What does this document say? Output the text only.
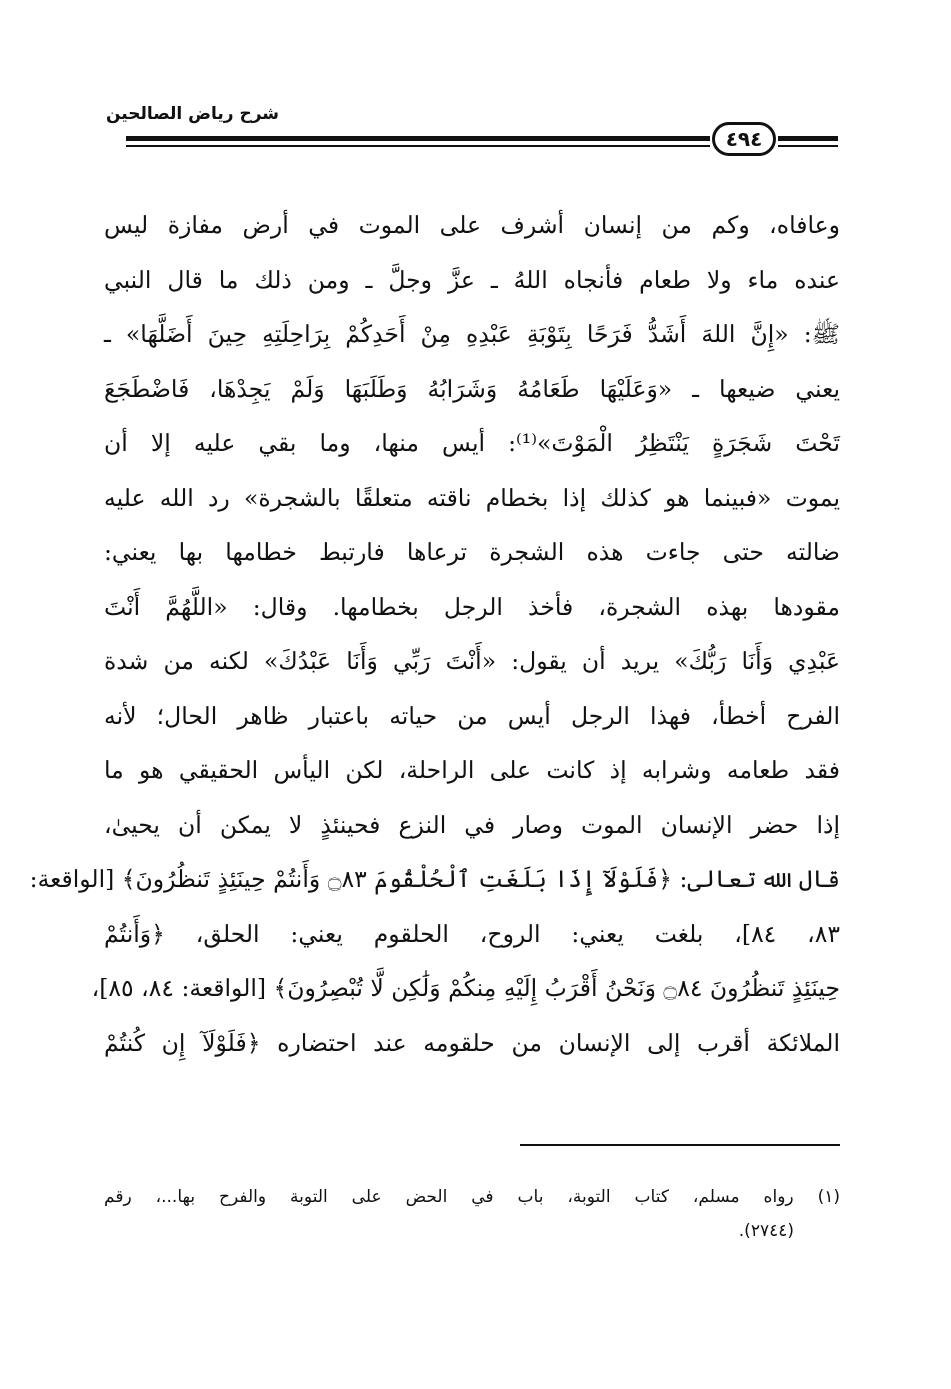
شرح رياض الصالحين
٤٩٤
وعافاه، وكم من إنسان أشرف على الموت في أرض مفازة ليس
عنده ماء ولا طعام فأنجاه اللهُ ـ عزَّ وجلَّ ـ ومن ذلك ما قال النبي
ﷺ: «إِنَّ اللهَ أَشَدُّ فَرَحًا بِتَوْبَةِ عَبْدِهِ مِنْ أَحَدِكُمْ بِرَاحِلَتِهِ حِينَ أَضَلَّهَا» ـ
يعني ضيعها ـ «وَعَلَيْهَا طَعَامُهُ وَشَرَابُهُ وَطَلَبَهَا وَلَمْ يَجِدْهَا، فَاضْطَجَعَ
تَحْتَ شَجَرَةٍ يَنْتَظِرُ الْمَوْتَ»⁽¹⁾: أيس منها، وما بقي عليه إلا أن
يموت «فبينما هو كذلك إذا بخطام ناقته متعلقًا بالشجرة» رد الله عليه
ضالته حتى جاءت هذه الشجرة ترعاها فارتبط خطامها بها يعني:
مقودها بهذه الشجرة، فأخذ الرجل بخطامها. وقال: «اللَّهُمَّ أَنْتَ
عَبْدِي وَأَنَا رَبُّكَ» يريد أن يقول: «أَنْتَ رَبِّي وَأَنَا عَبْدُكَ» لكنه من شدة
الفرح أخطأ، فهذا الرجل أيس من حياته باعتبار ظاهر الحال؛ لأنه
فقد طعامه وشرابه إذ كانت على الراحلة، لكن اليأس الحقيقي هو ما
إذا حضر الإنسان الموت وصار في النزع فحينئذٍ لا يمكن أن يحيىٰ،
قال الله تعالى: ﴿فَلَوْلَآ إِذَا بَلَغَتِ ٱلْحُلْقُومَ ۝٨٣ وَأَنتُمْ حِينَئِذٍ تَنظُرُونَ﴾ [الواقعة:
٨٣، ٨٤]، بلغت يعني: الروح، الحلقوم يعني: الحلق، ﴿وَأَنتُمْ
حِينَئِذٍ تَنظُرُونَ ۝٨٤ وَنَحْنُ أَقْرَبُ إِلَيْهِ مِنكُمْ وَلَٰكِن لَّا تُبْصِرُونَ﴾ [الواقعة: ٨٤، ٨٥]،
الملائكة أقرب إلى الإنسان من حلقومه عند احتضاره ﴿فَلَوْلَآ إِن كُنتُمْ
(١) رواه مسلم، كتاب التوبة، باب في الحض على التوبة والفرح بها...، رقم
(٢٧٤٤).
